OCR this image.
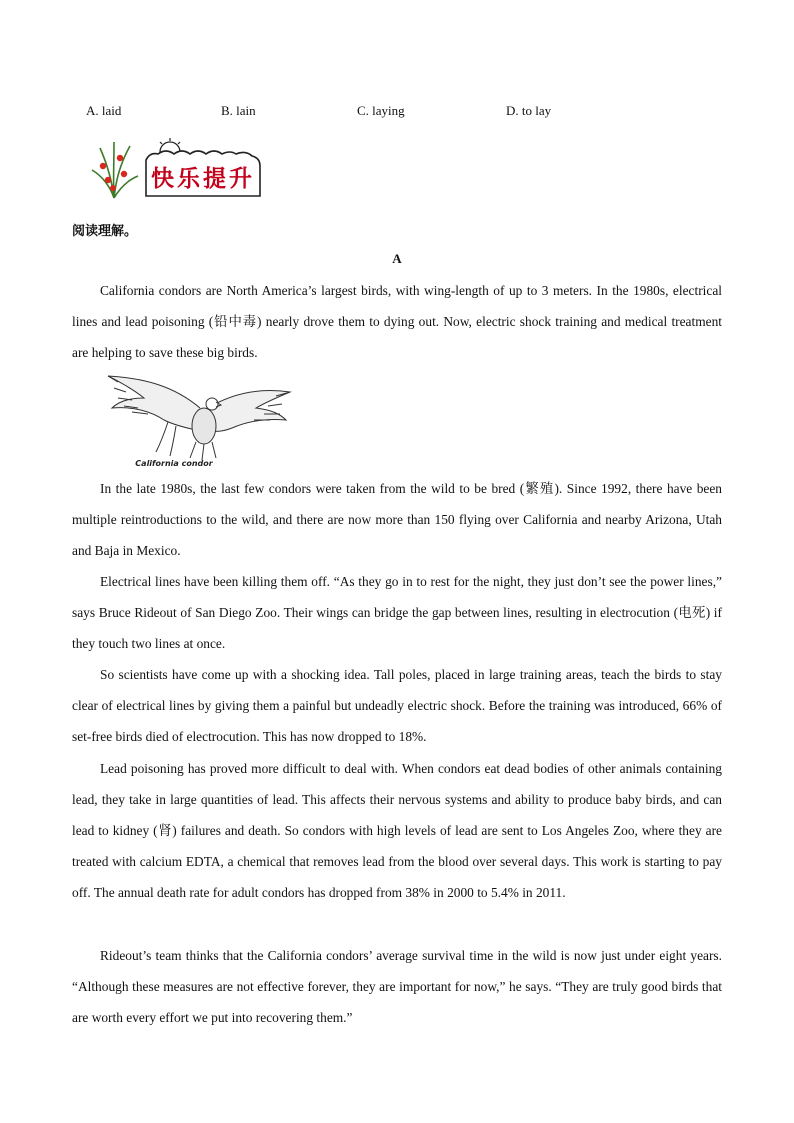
A. laid	B. lain	C. laying	D. to lay
快乐提升
阅读理解。
A

California condors are North America’s largest birds, with wing-length of up to 3 meters. In the 1980s, electrical lines and lead poisoning (铅中毒) nearly drove them to dying out. Now, electric shock training and medical treatment are helping to save these big birds.

California condor

In the late 1980s, the last few condors were taken from the wild to be bred (繁殖). Since 1992, there have been multiple reintroductions to the wild, and there are now more than 150 flying over California and nearby Arizona, Utah and Baja in Mexico.

Electrical lines have been killing them off. “As they go in to rest for the night, they just don’t see the power lines,” says Bruce Rideout of San Diego Zoo. Their wings can bridge the gap between lines, resulting in electrocution (电死) if they touch two lines at once.

So scientists have come up with a shocking idea. Tall poles, placed in large training areas, teach the birds to stay clear of electrical lines by giving them a painful but undeadly electric shock. Before the training was introduced, 66% of set-free birds died of electrocution. This has now dropped to 18%.

Lead poisoning has proved more difficult to deal with. When condors eat dead bodies of other animals containing lead, they take in large quantities of lead. This affects their nervous systems and ability to produce baby birds, and can lead to kidney (肾) failures and death. So condors with high levels of lead are sent to Los Angeles Zoo, where they are treated with calcium EDTA, a chemical that removes lead from the blood over several days. This work is starting to pay off. The annual death rate for adult condors has dropped from 38% in 2000 to 5.4% in 2011.

Rideout’s team thinks that the California condors’ average survival time in the wild is now just under eight years. “Although these measures are not effective forever, they are important for now,” he says. “They are truly good birds that are worth every effort we put into recovering them.”
